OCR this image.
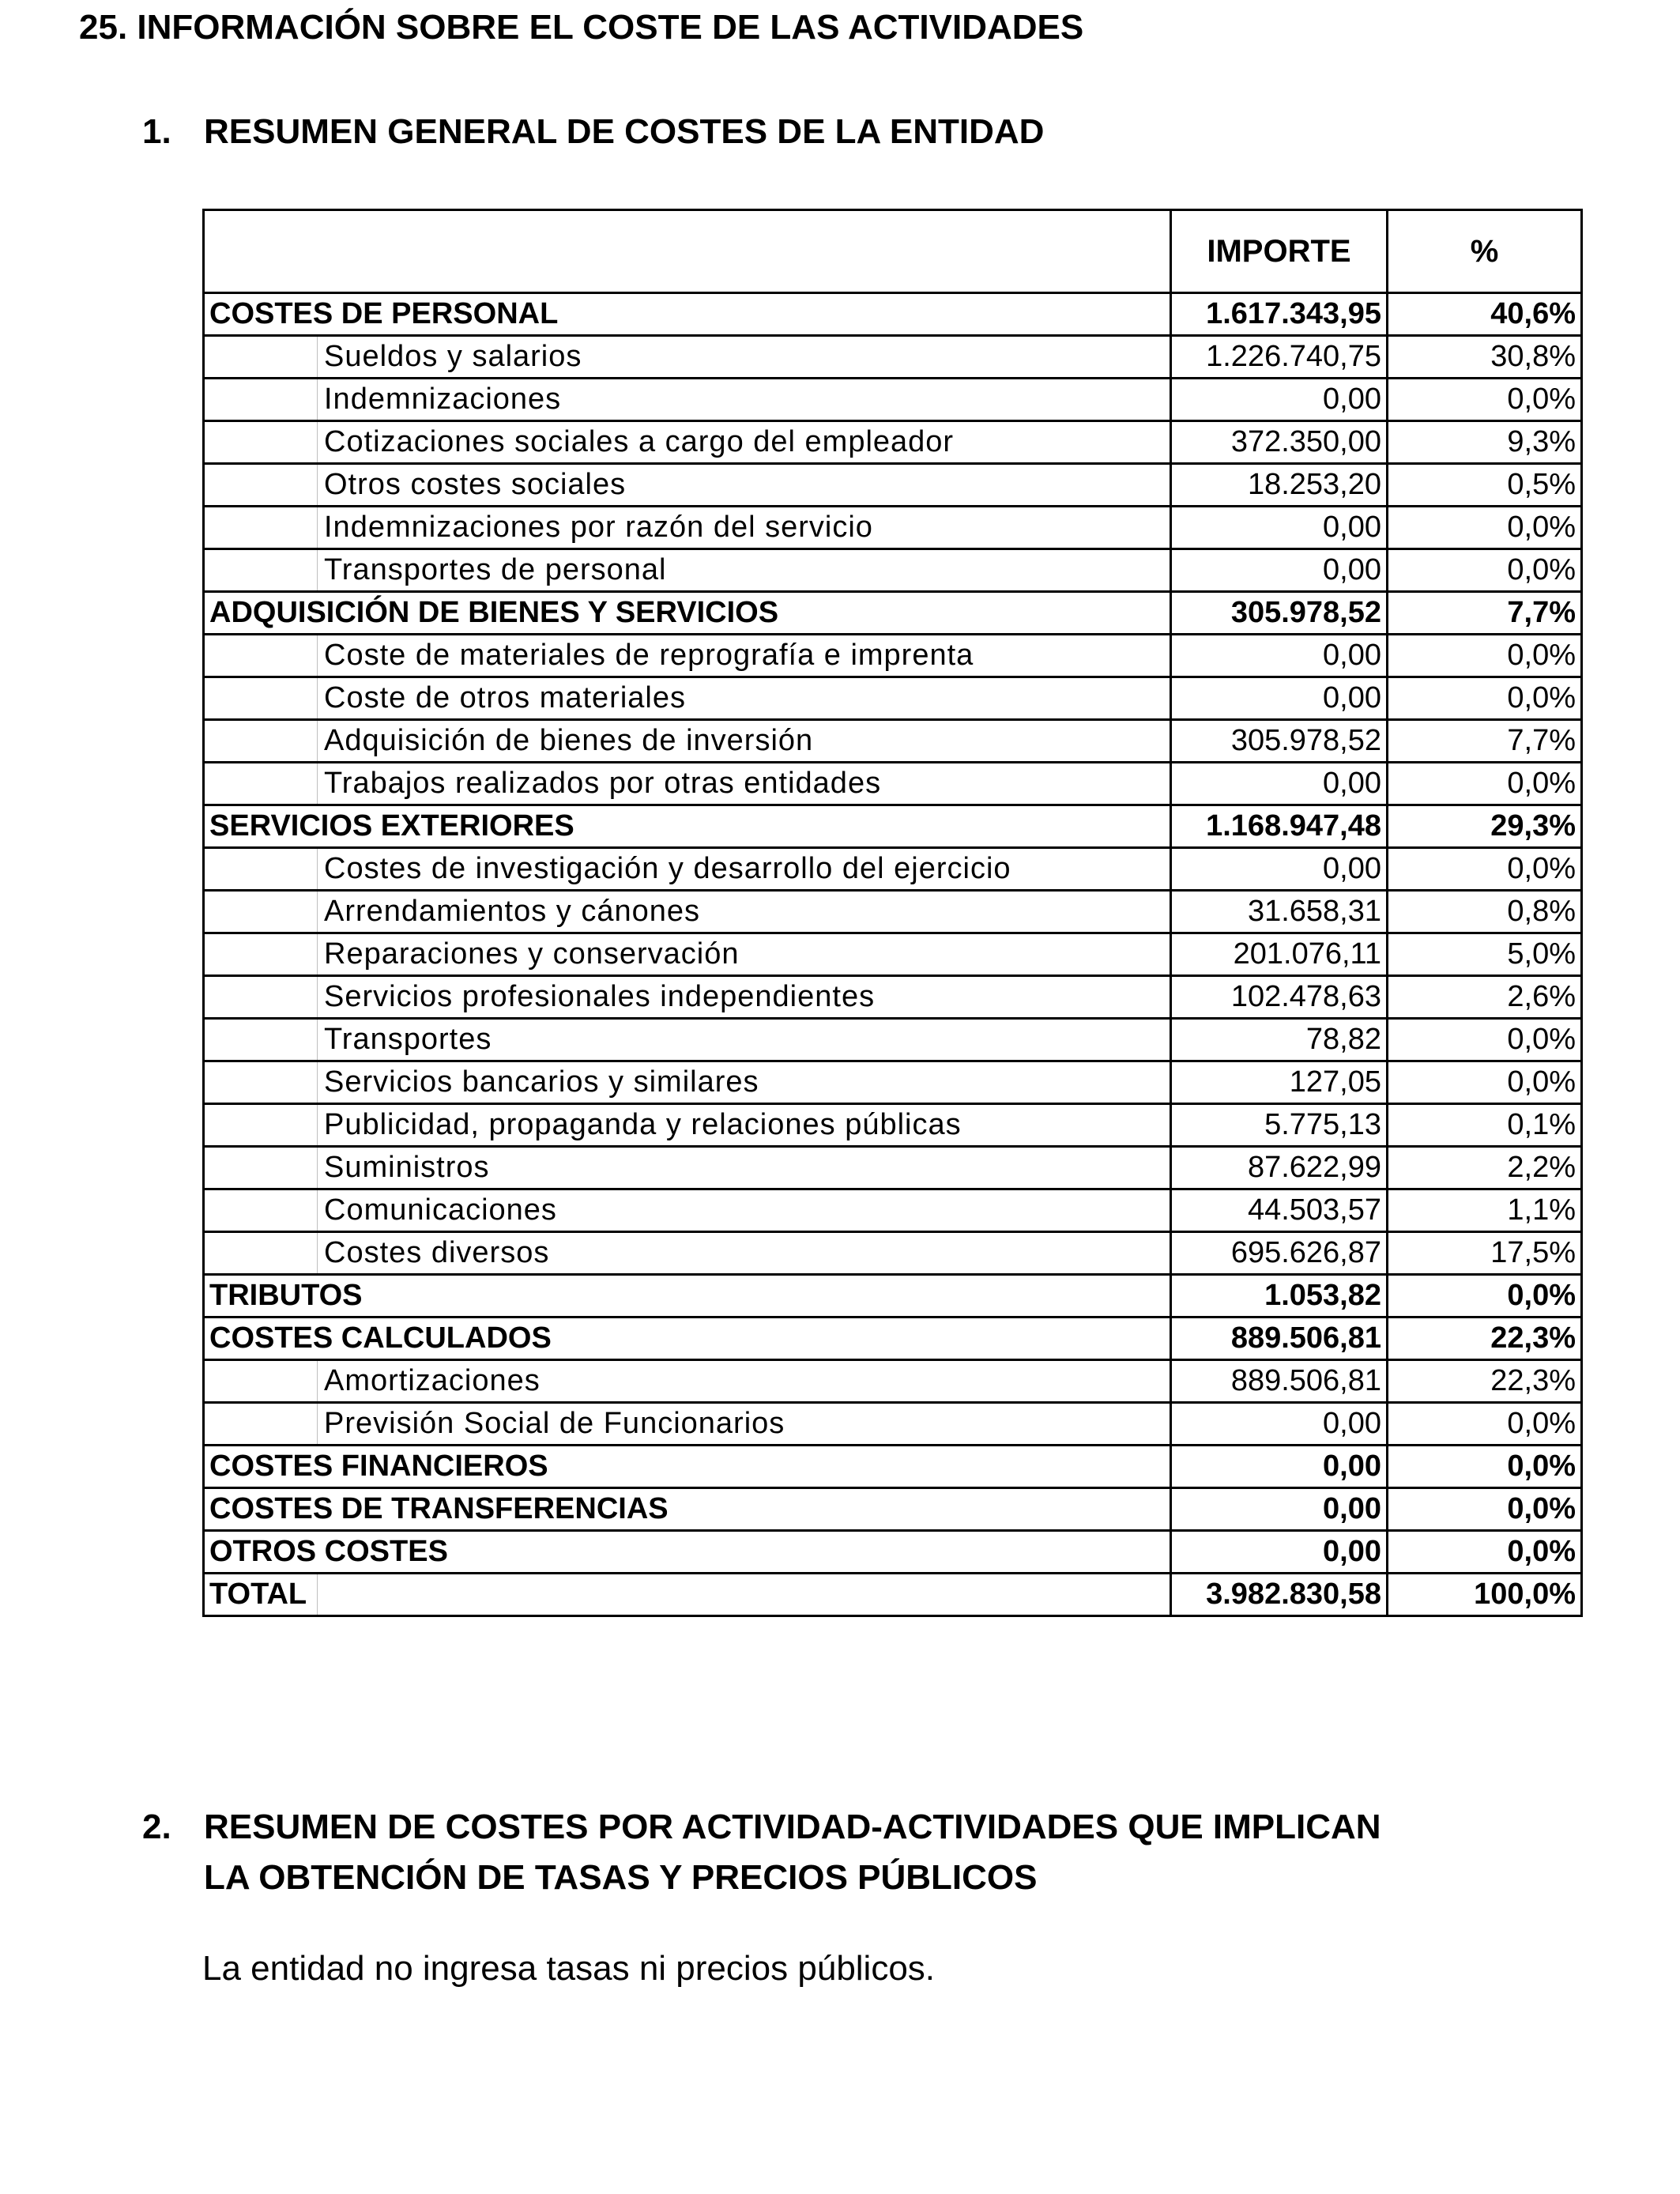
25. INFORMACIÓN SOBRE EL COSTE DE LAS ACTIVIDADES
1. RESUMEN GENERAL DE COSTES DE LA ENTIDAD
		IMPORTE	%
COSTES DE PERSONAL		1.617.343,95	40,6%
	Sueldos y salarios	1.226.740,75	30,8%
	Indemnizaciones	0,00	0,0%
	Cotizaciones sociales a cargo del empleador	372.350,00	9,3%
	Otros costes sociales	18.253,20	0,5%
	Indemnizaciones por razón del servicio	0,00	0,0%
	Transportes de personal	0,00	0,0%
ADQUISICIÓN DE BIENES Y SERVICIOS		305.978,52	7,7%
	Coste de materiales de reprografía e imprenta	0,00	0,0%
	Coste de otros materiales	0,00	0,0%
	Adquisición de bienes de inversión	305.978,52	7,7%
	Trabajos realizados por otras entidades	0,00	0,0%
SERVICIOS EXTERIORES		1.168.947,48	29,3%
	Costes de investigación y desarrollo del ejercicio	0,00	0,0%
	Arrendamientos y cánones	31.658,31	0,8%
	Reparaciones y conservación	201.076,11	5,0%
	Servicios profesionales independientes	102.478,63	2,6%
	Transportes	78,82	0,0%
	Servicios bancarios y similares	127,05	0,0%
	Publicidad, propaganda y relaciones públicas	5.775,13	0,1%
	Suministros	87.622,99	2,2%
	Comunicaciones	44.503,57	1,1%
	Costes diversos	695.626,87	17,5%
TRIBUTOS		1.053,82	0,0%
COSTES CALCULADOS		889.506,81	22,3%
	Amortizaciones	889.506,81	22,3%
	Previsión Social de Funcionarios	0,00	0,0%
COSTES FINANCIEROS		0,00	0,0%
COSTES DE TRANSFERENCIAS		0,00	0,0%
OTROS COSTES		0,00	0,0%
TOTAL		3.982.830,58	100,0%
2. RESUMEN DE COSTES POR ACTIVIDAD-ACTIVIDADES QUE IMPLICAN
LA OBTENCIÓN DE TASAS Y PRECIOS PÚBLICOS
La entidad no ingresa tasas ni precios públicos.
